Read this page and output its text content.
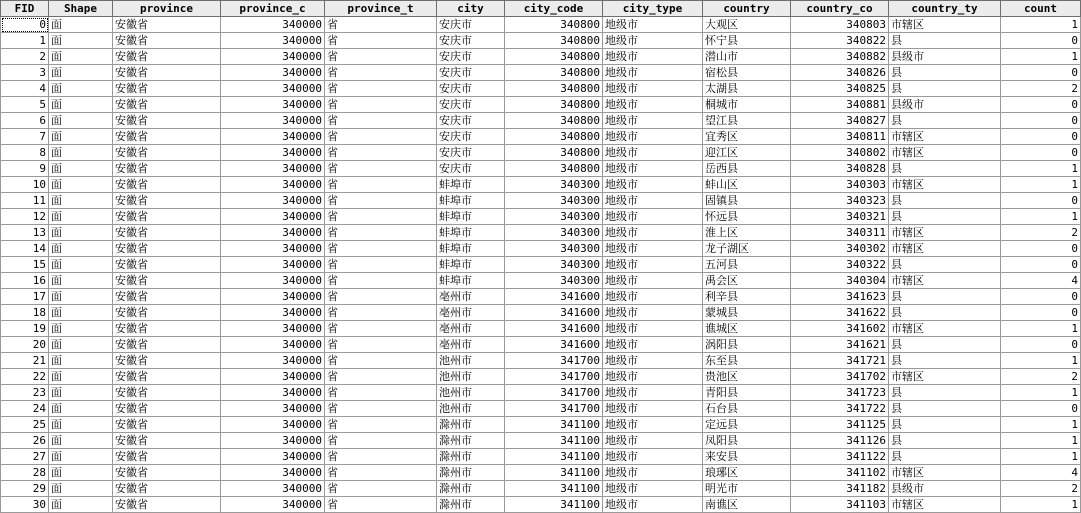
FID	Shape	province	province_c	province_t	city	city_code	city_type	country	country_co	country_ty	count
0	面	安徽省	340000	省	安庆市	340800	地级市	大观区	340803	市辖区	1
1	面	安徽省	340000	省	安庆市	340800	地级市	怀宁县	340822	县	0
2	面	安徽省	340000	省	安庆市	340800	地级市	潜山市	340882	县级市	1
3	面	安徽省	340000	省	安庆市	340800	地级市	宿松县	340826	县	0
4	面	安徽省	340000	省	安庆市	340800	地级市	太湖县	340825	县	2
5	面	安徽省	340000	省	安庆市	340800	地级市	桐城市	340881	县级市	0
6	面	安徽省	340000	省	安庆市	340800	地级市	望江县	340827	县	0
7	面	安徽省	340000	省	安庆市	340800	地级市	宜秀区	340811	市辖区	0
8	面	安徽省	340000	省	安庆市	340800	地级市	迎江区	340802	市辖区	0
9	面	安徽省	340000	省	安庆市	340800	地级市	岳西县	340828	县	1
10	面	安徽省	340000	省	蚌埠市	340300	地级市	蚌山区	340303	市辖区	1
11	面	安徽省	340000	省	蚌埠市	340300	地级市	固镇县	340323	县	0
12	面	安徽省	340000	省	蚌埠市	340300	地级市	怀远县	340321	县	1
13	面	安徽省	340000	省	蚌埠市	340300	地级市	淮上区	340311	市辖区	2
14	面	安徽省	340000	省	蚌埠市	340300	地级市	龙子湖区	340302	市辖区	0
15	面	安徽省	340000	省	蚌埠市	340300	地级市	五河县	340322	县	0
16	面	安徽省	340000	省	蚌埠市	340300	地级市	禹会区	340304	市辖区	4
17	面	安徽省	340000	省	亳州市	341600	地级市	利辛县	341623	县	0
18	面	安徽省	340000	省	亳州市	341600	地级市	蒙城县	341622	县	0
19	面	安徽省	340000	省	亳州市	341600	地级市	谯城区	341602	市辖区	1
20	面	安徽省	340000	省	亳州市	341600	地级市	涡阳县	341621	县	0
21	面	安徽省	340000	省	池州市	341700	地级市	东至县	341721	县	1
22	面	安徽省	340000	省	池州市	341700	地级市	贵池区	341702	市辖区	2
23	面	安徽省	340000	省	池州市	341700	地级市	青阳县	341723	县	1
24	面	安徽省	340000	省	池州市	341700	地级市	石台县	341722	县	0
25	面	安徽省	340000	省	滁州市	341100	地级市	定远县	341125	县	1
26	面	安徽省	340000	省	滁州市	341100	地级市	凤阳县	341126	县	1
27	面	安徽省	340000	省	滁州市	341100	地级市	来安县	341122	县	1
28	面	安徽省	340000	省	滁州市	341100	地级市	琅琊区	341102	市辖区	4
29	面	安徽省	340000	省	滁州市	341100	地级市	明光市	341182	县级市	2
30	面	安徽省	340000	省	滁州市	341100	地级市	南谯区	341103	市辖区	1
